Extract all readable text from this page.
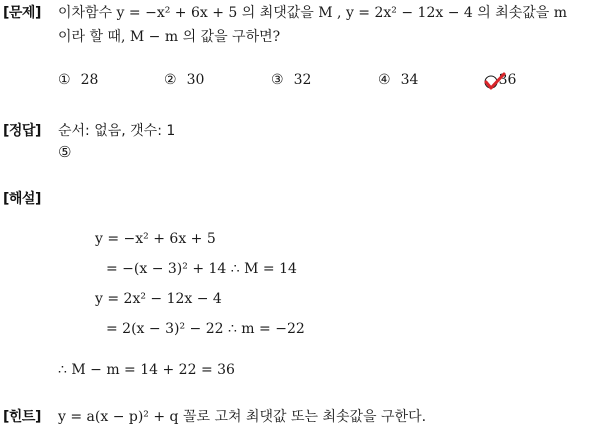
[문제] 이차함수 y = −x² + 6x + 5 의 최댓값을 M , y = 2x² − 12x − 4 의 최솟값을 m
이라 할 때, M − m 의 값을 구하면?
① 28	② 30	③ 32	④ 34	36
[정답] 순서: 없음, 갯수: 1
⑤
[해설]
y = −x² + 6x + 5
= −(x − 3)² + 14 ∴ M = 14
y = 2x² − 12x − 4
= 2(x − 3)² − 22 ∴ m = −22
∴ M − m = 14 + 22 = 36
[힌트] y = a(x − p)² + q 꼴로 고쳐 최댓값 또는 최솟값을 구한다.
